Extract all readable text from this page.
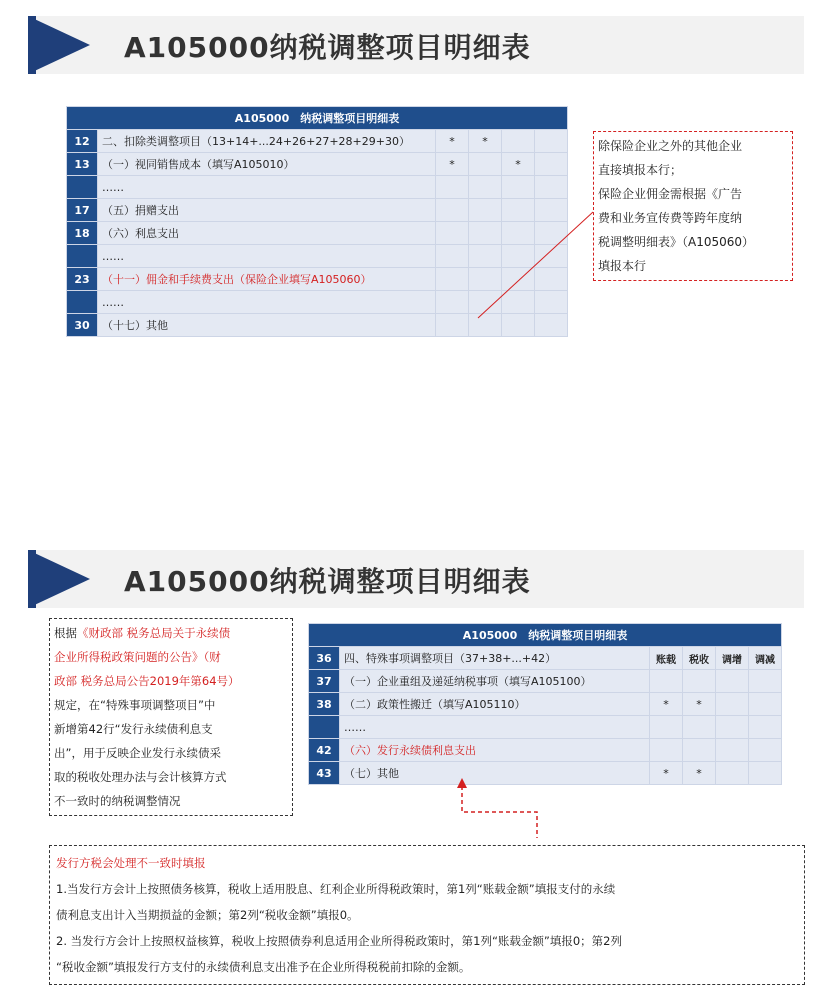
A105000纳税调整项目明细表
A105000　纳税调整项目明细表					
12	二、扣除类调整项目（13+14+...24+26+27+28+29+30）	*	*		
13	（一）视同销售成本（填写A105010）	*		*	
	……				
17	（五）捐赠支出				
18	（六）利息支出				
	……				
23	（十一）佣金和手续费支出（保险企业填写A105060）				
	……				
30	（十七）其他				
除保险企业之外的其他企业
直接填报本行；
保险企业佣金需根据《广告
费和业务宣传费等跨年度纳
税调整明细表》（A105060）
填报本行
A105000纳税调整项目明细表
根据《财政部 税务总局关于永续债
企业所得税政策问题的公告》（财
政部 税务总局公告2019年第64号）
规定，在“特殊事项调整项目”中
新增第42行“发行永续债利息支
出”，用于反映企业发行永续债采
取的税收处理办法与会计核算方式
不一致时的纳税调整情况
A105000　纳税调整项目明细表					
36	四、特殊事项调整项目（37+38+...+42）	账载	税收	调增	调减
37	（一）企业重组及递延纳税事项（填写A105100）				
38	（二）政策性搬迁（填写A105110）	*	*		
	……				
42	（六）发行永续债利息支出				
43	（七）其他	*	*		
发行方税会处理不一致时填报
1.当发行方会计上按照债务核算，税收上适用股息、红利企业所得税政策时，第1列“账载金额”填报支付的永续
债利息支出计入当期损益的金额；第2列“税收金额”填报0。
2. 当发行方会计上按照权益核算，税收上按照债券利息适用企业所得税政策时，第1列“账载金额”填报0；第2列
“税收金额”填报发行方支付的永续债利息支出准予在企业所得税税前扣除的金额。
